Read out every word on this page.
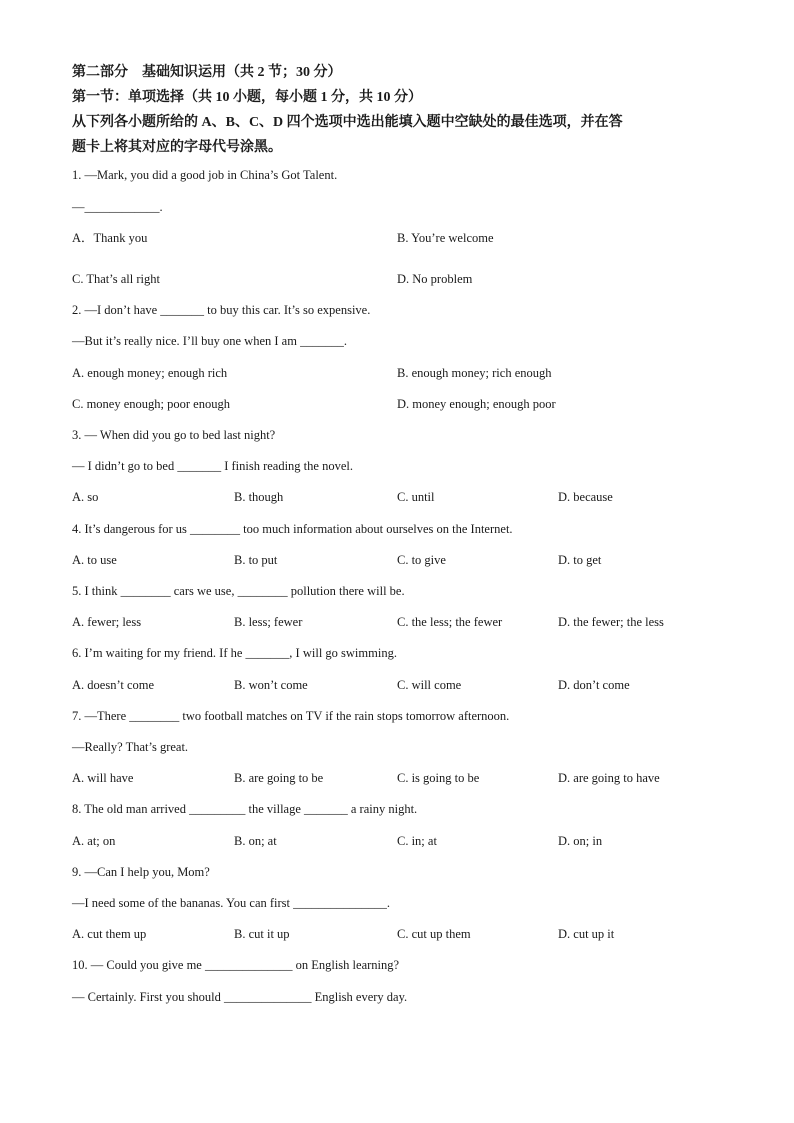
第二部分　基础知识运用（共 2 节；30 分）
第一节：单项选择（共 10 小题，每小题 1 分，共 10 分）
从下列各小题所给的 A、B、C、D 四个选项中选出能填入题中空缺处的最佳选项，并在答
题卡上将其对应的字母代号涂黑。
1. —Mark, you did a good job in China’s Got Talent.
—____________.
A．Thank you	B. You’re welcome
C. That’s all right	D. No problem
2. —I don’t have _______ to buy this car. It’s so expensive.
—But it’s really nice. I’ll buy one when I am _______.
A. enough money; enough rich	B. enough money; rich enough
C. money enough; poor enough	D. money enough; enough poor
3. — When did you go to bed last night?
— I didn’t go to bed _______ I finish reading the novel.
A. so	B. though	C. until	D. because
4. It’s dangerous for us ________ too much information about ourselves on the Internet.
A. to use	B. to put	C. to give	D. to get
5. I think ________ cars we use, ________ pollution there will be.
A. fewer; less	B. less; fewer	C. the less; the fewer	D. the fewer; the less
6. I’m waiting for my friend. If he _______, I will go swimming.
A. doesn’t come	B. won’t come	C. will come	D. don’t come
7. —There ________ two football matches on TV if the rain stops tomorrow afternoon.
—Really? That’s great.
A. will have	B. are going to be	C. is going to be	D. are going to have
8. The old man arrived _________ the village _______ a rainy night.
A. at; on	B. on; at	C. in; at	D. on; in
9. —Can I help you, Mom?
—I need some of the bananas. You can first _______________.
A. cut them up	B. cut it up	C. cut up them	D. cut up it
10. — Could you give me ______________ on English learning?
— Certainly. First you should ______________ English every day.
